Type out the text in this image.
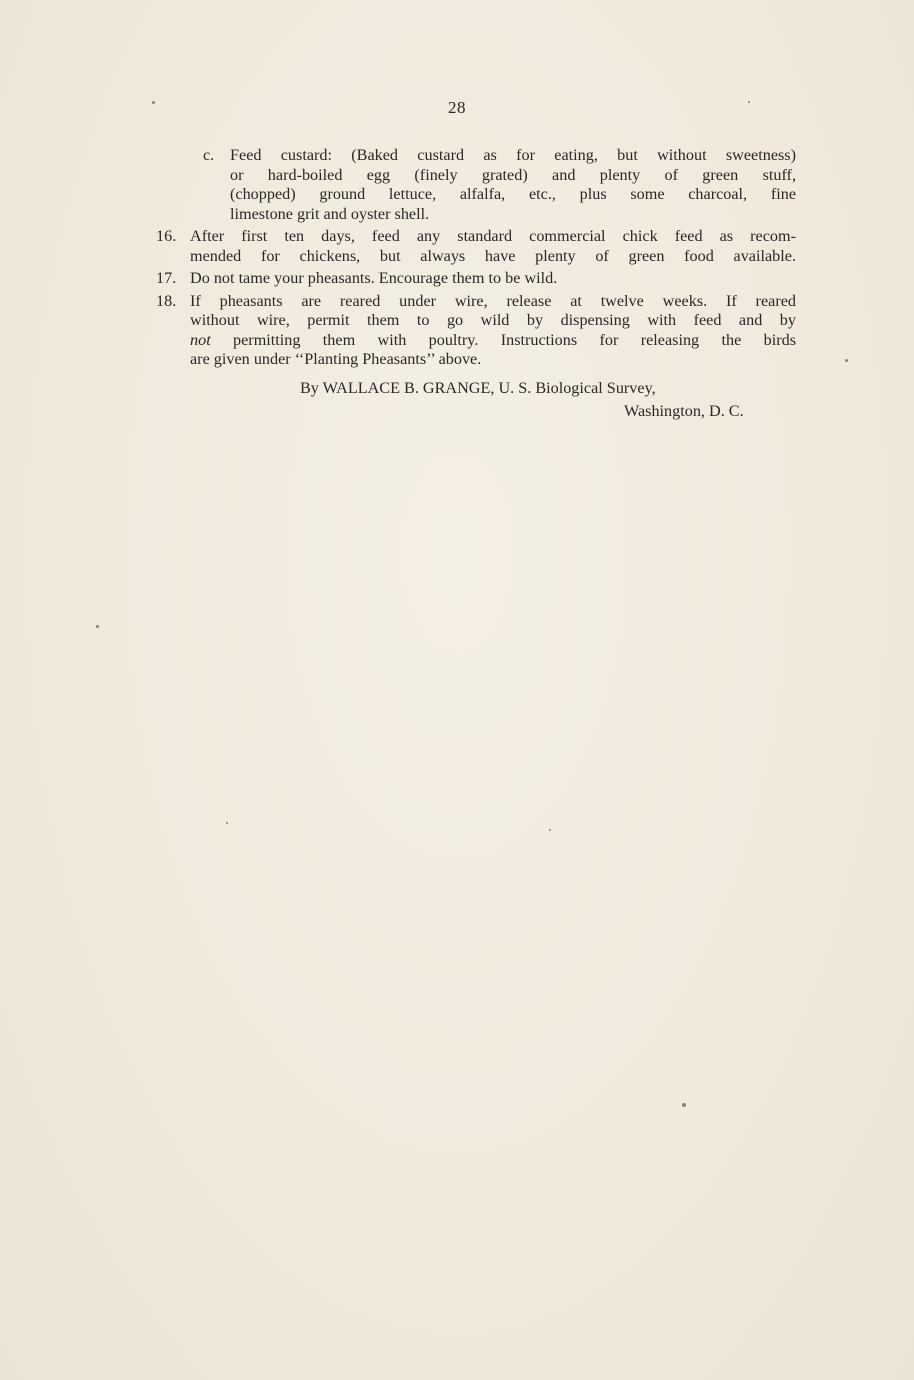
28
c. Feed custard: (Baked custard as for eating, but without sweetness)
or hard-boiled egg (finely grated) and plenty of green stuff,
(chopped) ground lettuce, alfalfa, etc., plus some charcoal, fine
limestone grit and oyster shell.
16. After first ten days, feed any standard commercial chick feed as recom-
mended for chickens, but always have plenty of green food available.
17. Do not tame your pheasants. Encourage them to be wild.
18. If pheasants are reared under wire, release at twelve weeks. If reared
without wire, permit them to go wild by dispensing with feed and by
not permitting them with poultry. Instructions for releasing the birds
are given under ‘‘Planting Pheasants’’ above.
By WALLACE B. GRANGE, U. S. Biological Survey,
Washington, D. C.
